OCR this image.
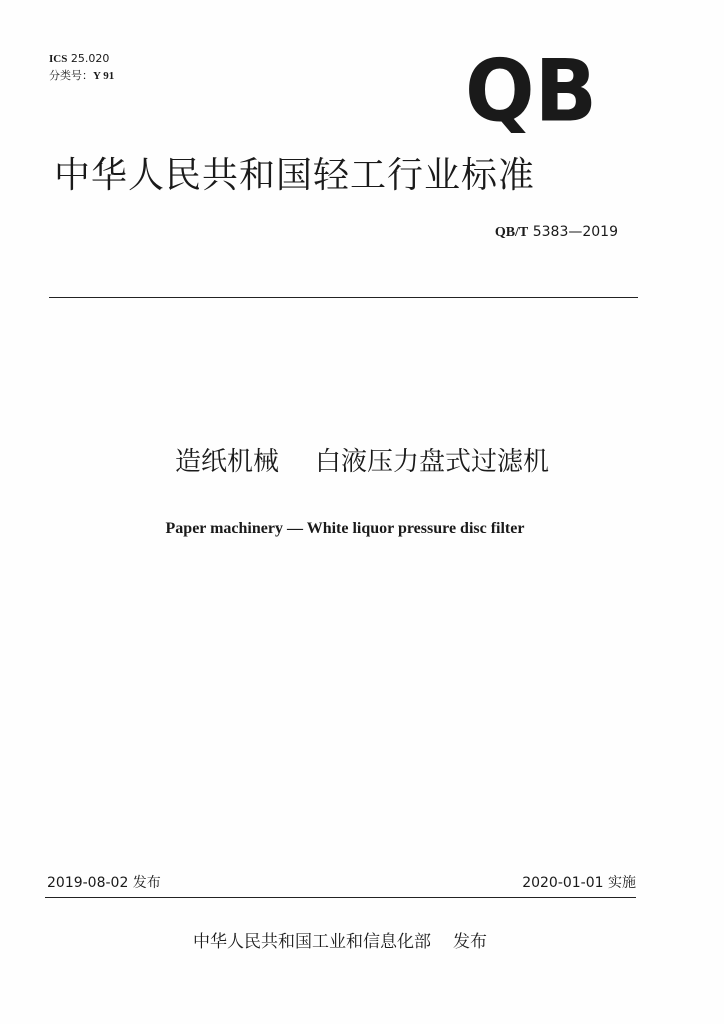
ICS 25.020
分类号：Y 91	QB
中华人民共和国轻工行业标准
QB/T 5383—2019
造纸机械 白液压力盘式过滤机
Paper machinery — White liquor pressure disc filter
2019-08-02 发布	2020-01-01 实施
中华人民共和国工业和信息化部 发布
